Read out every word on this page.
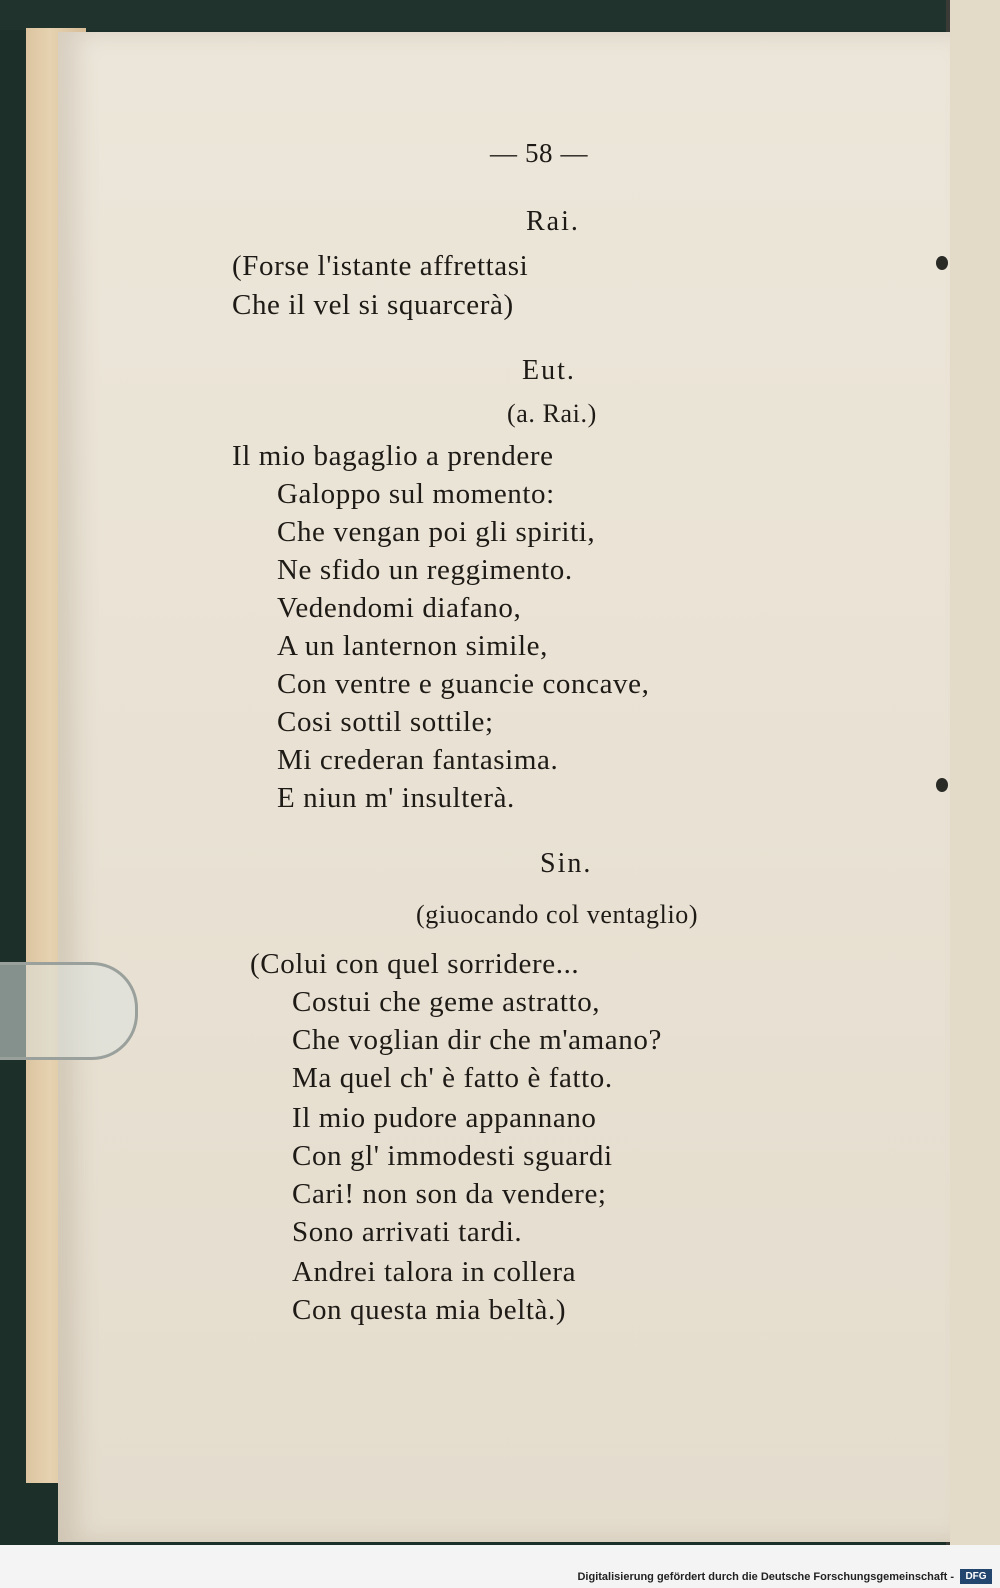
— 58 —
Rai.
(Forse l'istante affrettasi
Che il vel si squarcerà)
Eut.
(a. Rai.)
Il mio bagaglio a prendere
Galoppo sul momento:
Che vengan poi gli spiriti,
Ne sfido un reggimento.
Vedendomi diafano,
A un lanternon simile,
Con ventre e guancie concave,
Cosi sottil sottile;
Mi crederan fantasima.
E niun m' insulterà.
Sin.
(giuocando col ventaglio)
(Colui con quel sorridere...
Costui che geme astratto,
Che voglian dir che m'amano?
Ma quel ch' è fatto è fatto.
Il mio pudore appannano
Con gl' immodesti sguardi
Cari! non son da vendere;
Sono arrivati tardi.
Andrei talora in collera
Con questa mia beltà.)
Digitalisierung gefördert durch die Deutsche Forschungsgemeinschaft -	DFG
